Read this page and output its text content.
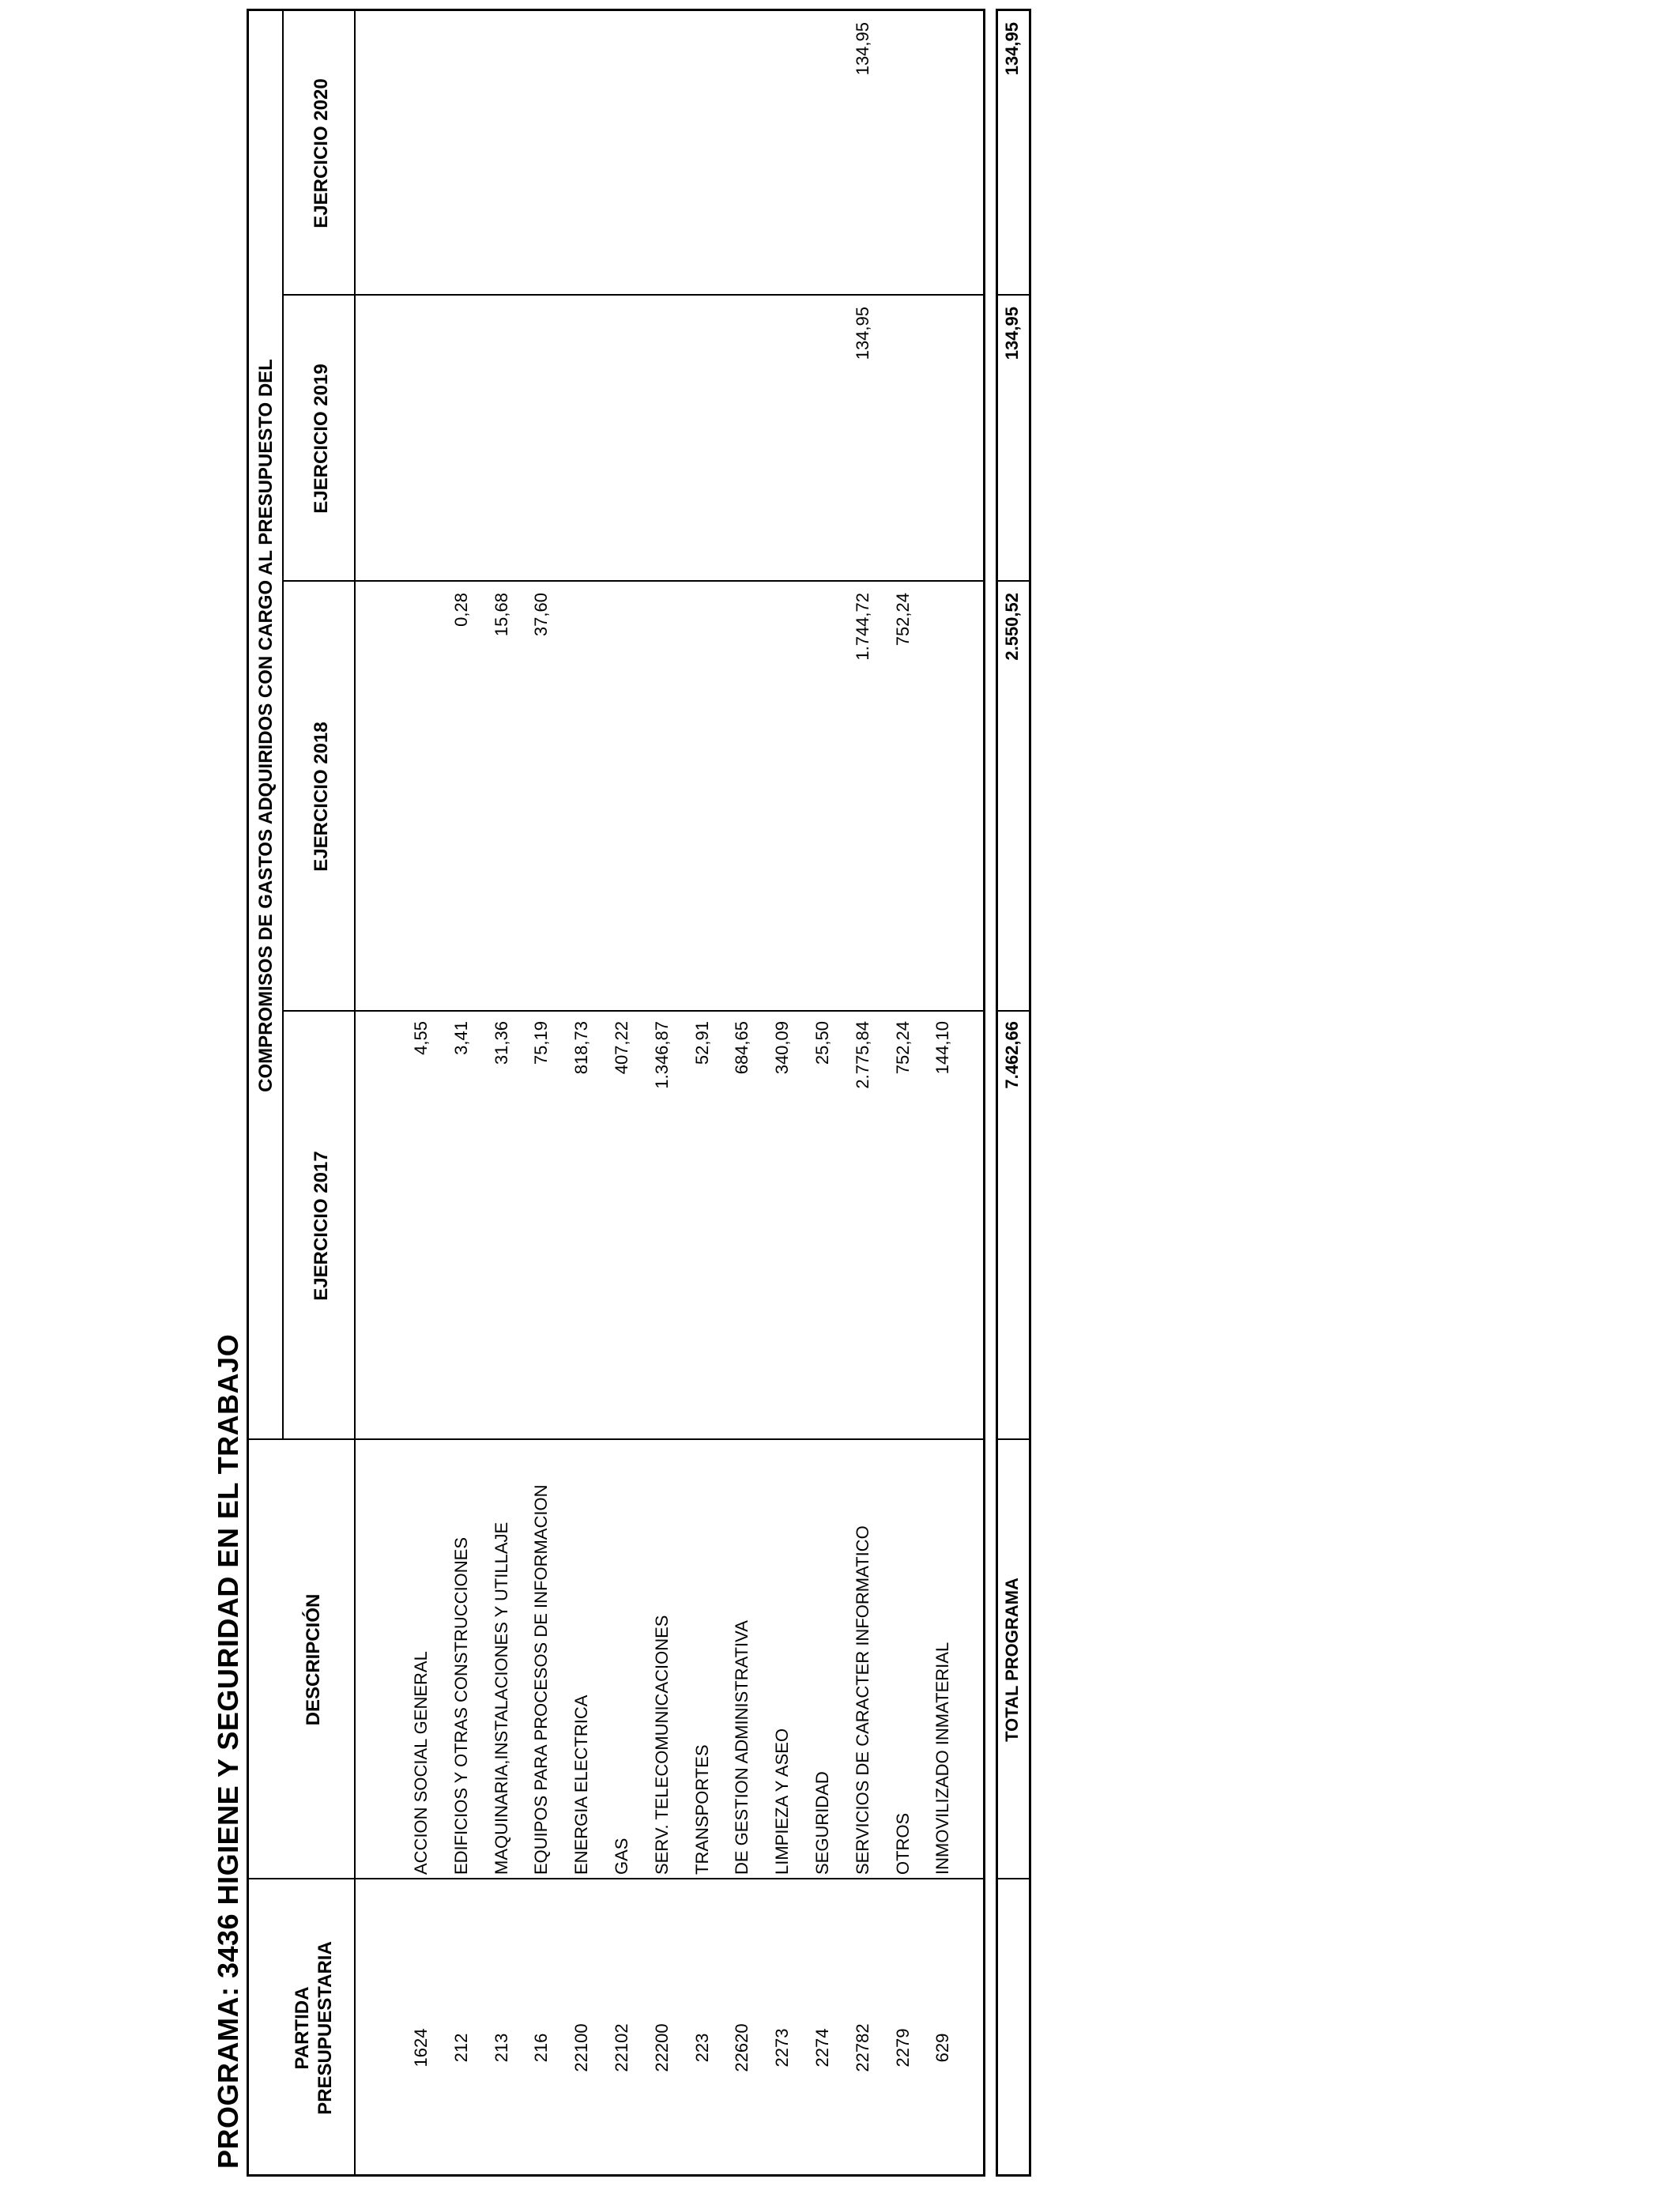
PROGRAMA: 3436 HIGIENE Y SEGURIDAD EN EL TRABAJO	PARTIDA PRESUPUESTARIA
DESCRIPCIÓN
COMPROMISOS DE GASTOS ADQUIRIDOS CON CARGO AL PRESUPUESTO DEL
EJERCICIO 2017
EJERCICIO 2018
EJERCICIO 2019
EJERCICIO 2020
1624
ACCION SOCIAL GENERAL
4,55
212
EDIFICIOS Y OTRAS CONSTRUCCIONES
3,41
0,28
213
MAQUINARIA,INSTALACIONES Y UTILLAJE
31,36
15,68
216
EQUIPOS PARA PROCESOS DE INFORMACION
75,19
37,60
22100
ENERGIA ELECTRICA
818,73
22102
GAS
407,22
22200
SERV. TELECOMUNICACIONES
1.346,87
223
TRANSPORTES
52,91
22620
DE GESTION ADMINISTRATIVA
684,65
2273
LIMPIEZA Y ASEO
340,09
2274
SEGURIDAD
25,50
22782
SERVICIOS DE CARACTER INFORMATICO
2.775,84
1.744,72
134,95
134,95
2279
OTROS
752,24
752,24
629
INMOVILIZADO INMATERIAL
144,10
TOTAL PROGRAMA
7.462,66
2.550,52
134,95
134,95
